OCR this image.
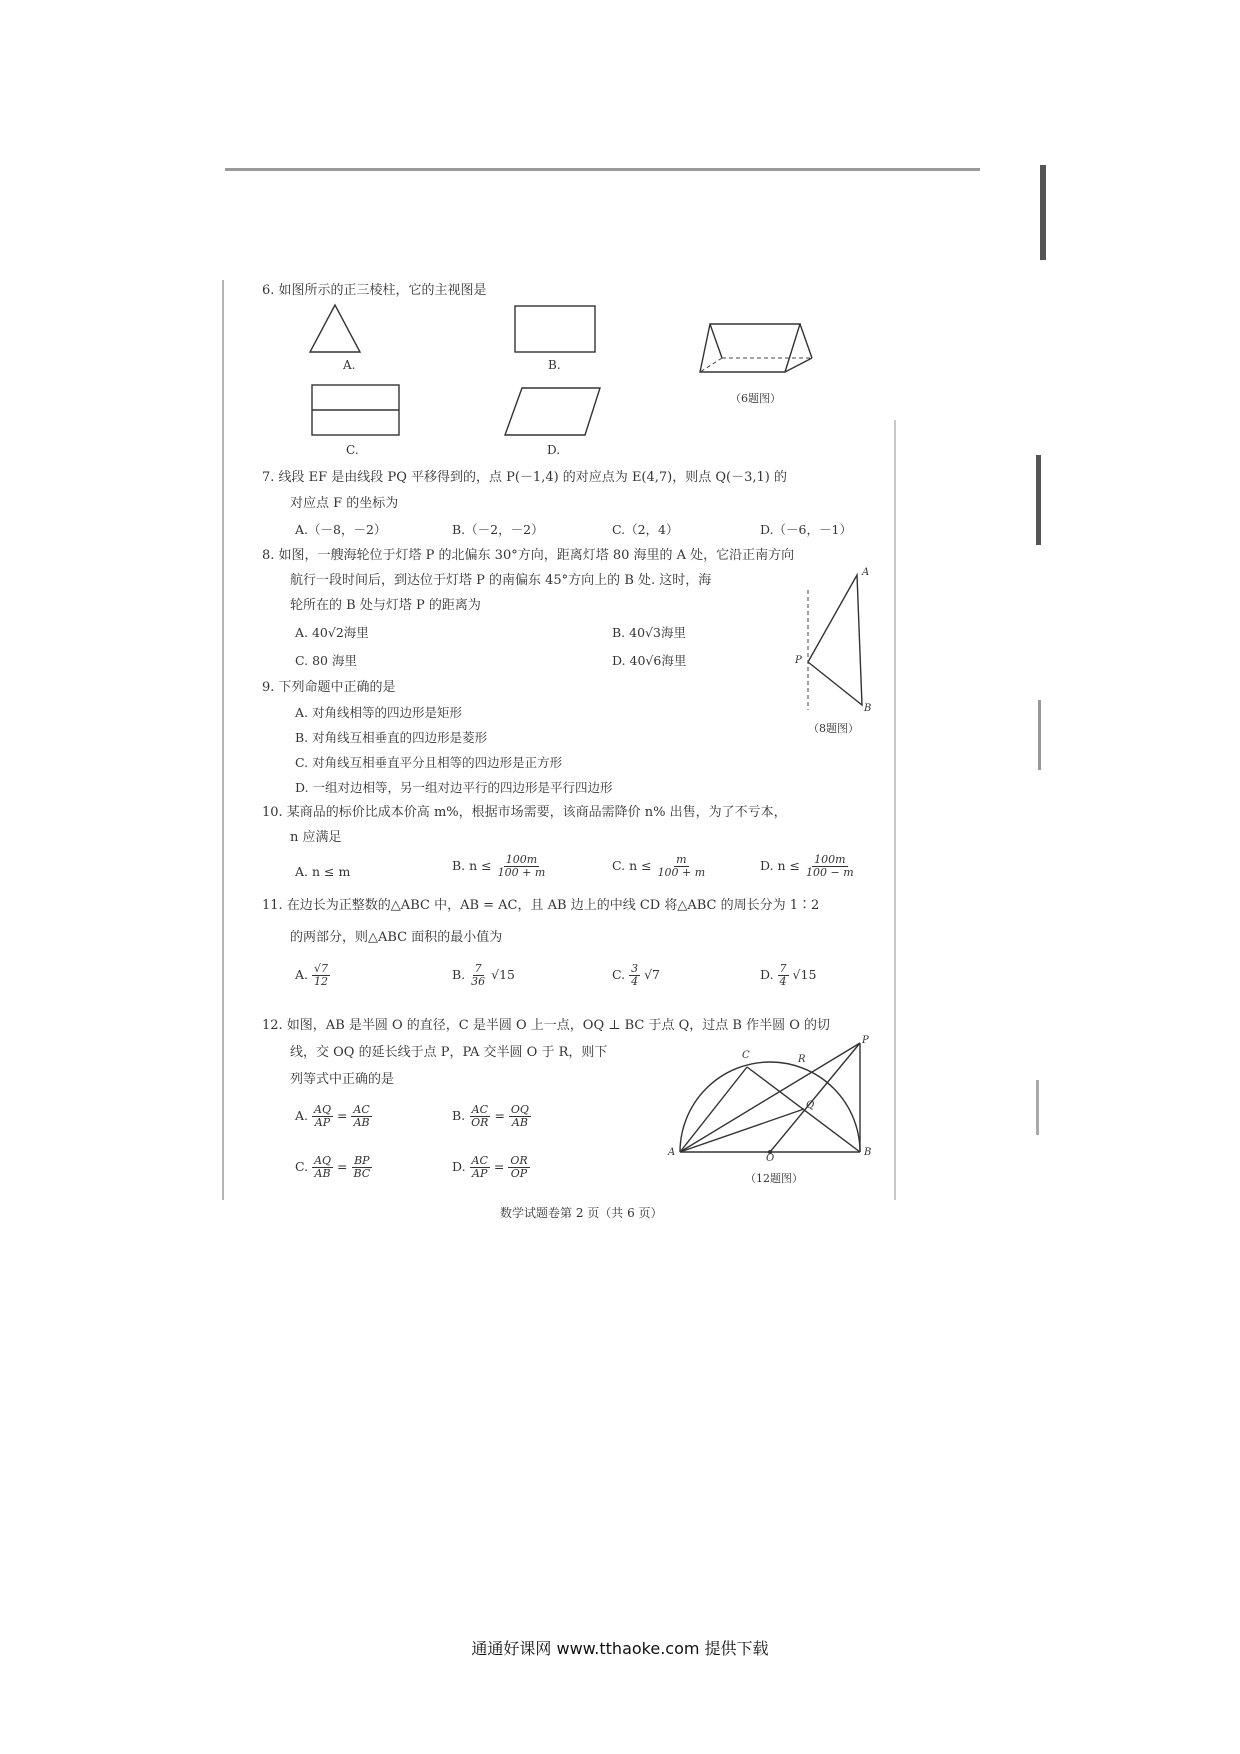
6. 如图所示的正三棱柱，它的主视图是
A.	B.
（6题图）
C.	D.
7. 线段 EF 是由线段 PQ 平移得到的，点 P(－1,4) 的对应点为 E(4,7)，则点 Q(－3,1) 的
对应点 F 的坐标为
A.（－8，－2）	B.（－2，－2）	C.（2，4）	D.（－6，－1）
8. 如图，一艘海轮位于灯塔 P 的北偏东 30°方向，距离灯塔 80 海里的 A 处，它沿正南方向
航行一段时间后，到达位于灯塔 P 的南偏东 45°方向上的 B 处. 这时，海
轮所在的 B 处与灯塔 P 的距离为
A. 40√2海里	B. 40√3海里
C. 80 海里	D. 40√6海里
A
P
B
（8题图）
9. 下列命题中正确的是
A. 对角线相等的四边形是矩形
B. 对角线互相垂直的四边形是菱形
C. 对角线互相垂直平分且相等的四边形是正方形
D. 一组对边相等，另一组对边平行的四边形是平行四边形
10. 某商品的标价比成本价高 m%，根据市场需要，该商品需降价 n% 出售，为了不亏本，
n 应满足
A. n ≤ m	B. $n \le \frac{100m}{100 + m}$	C. $n \le \frac{m}{100 + m}$	D. $n \le \frac{100m}{100 - m}$
11. 在边长为正整数的△ABC 中，AB = AC，且 AB 边上的中线 CD 将△ABC 的周长分为 1∶2
的两部分，则△ABC 面积的最小值为
A. $\frac{√7}{12}$	B. $\frac{7}{36} √15$	C. $\frac{3}{4} √7$	D. $\frac{7}{4} √15$
12. 如图，AB 是半圆 O 的直径，C 是半圆 O 上一点，OQ ⊥ BC 于点 Q，过点 B 作半圆 O 的切
线，交 OQ 的延长线于点 P，PA 交半圆 O 于 R，则下
列等式中正确的是
A. $\frac{AQ}{AP} = \frac{AC}{AB}$	B. $\frac{AC}{OR} = \frac{OQ}{AB}$
C. $\frac{AQ}{AB} = \frac{BP}{BC}$	D. $\frac{AC}{AP} = \frac{OR}{OP}$
C	R
P
Q
A
O
B
（12题图）
数学试题卷第 2 页（共 6 页）
通通好课网 www.tthaoke.com 提供下载
